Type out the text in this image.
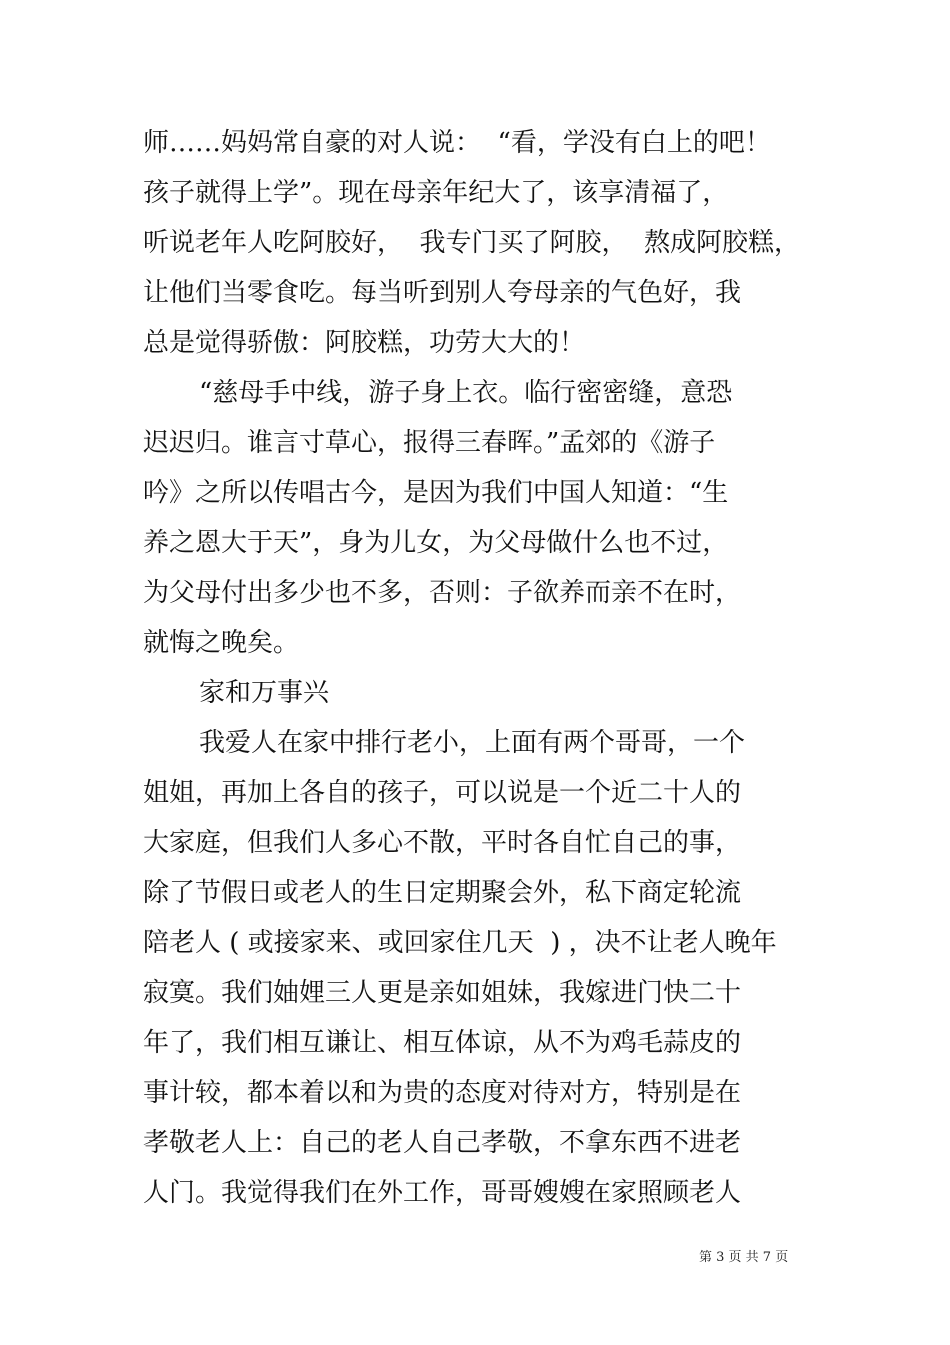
师……妈妈常自豪的对人说：  “看，学没有白上的吧！
孩子就得上学”。现在母亲年纪大了，该享清福了，
听说老年人吃阿胶好，  我专门买了阿胶，  熬成阿胶糕，
让他们当零食吃。每当听到别人夸母亲的气色好，我
总是觉得骄傲：阿胶糕，功劳大大的！
“慈母手中线，游子身上衣。临行密密缝，意恐
迟迟归。谁言寸草心，报得三春晖。”孟郊的《游子
吟》之所以传唱古今，是因为我们中国人知道：“生
养之恩大于天”，身为儿女，为父母做什么也不过，
为父母付出多少也不多，否则：子欲养而亲不在时，
就悔之晚矣。
家和万事兴
我爱人在家中排行老小，上面有两个哥哥，一个
姐姐，再加上各自的孩子，可以说是一个近二十人的
大家庭，但我们人多心不散，平时各自忙自己的事，
除了节假日或老人的生日定期聚会外，私下商定轮流
陪老人 ( 或接家来、或回家住几天  ) ，决不让老人晚年
寂寞。我们妯娌三人更是亲如姐妹，我嫁进门快二十
年了，我们相互谦让、相互体谅，从不为鸡毛蒜皮的
事计较，都本着以和为贵的态度对待对方，特别是在
孝敬老人上：自己的老人自己孝敬，不拿东西不进老
人门。我觉得我们在外工作，哥哥嫂嫂在家照顾老人
第 3 页 共 7 页
